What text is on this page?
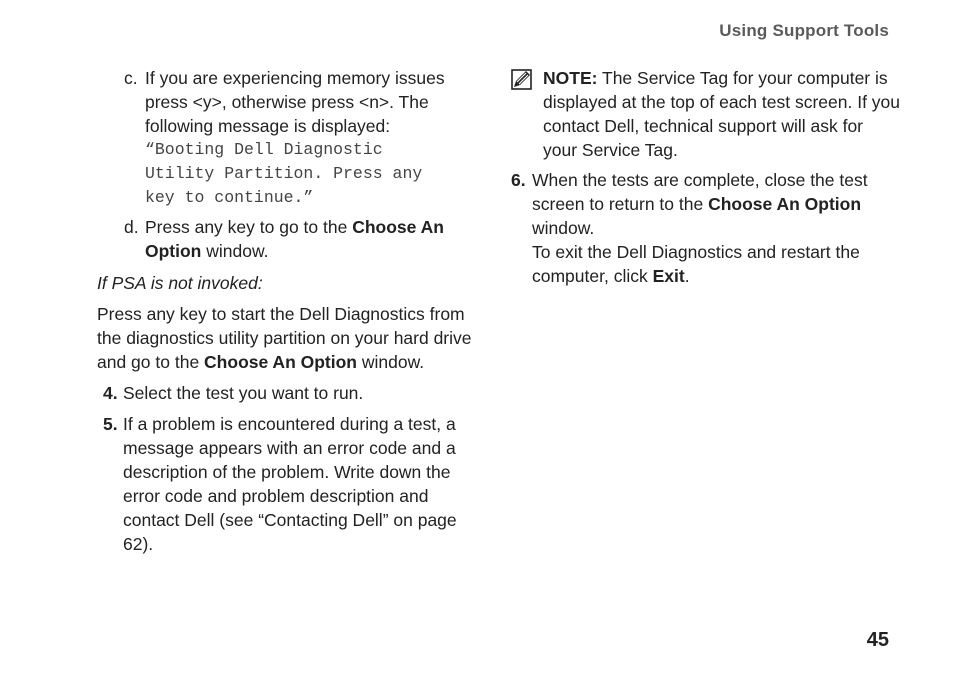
Using Support Tools
c. If you are experiencing memory issues press <y>, otherwise press <n>. The following message is displayed:
“Booting Dell Diagnostic
Utility Partition. Press any
key to continue.”
d. Press any key to go to the Choose An Option window.
If PSA is not invoked:
Press any key to start the Dell Diagnostics from the diagnostics utility partition on your hard drive and go to the Choose An Option window.
4. Select the test you want to run.
5. If a problem is encountered during a test, a message appears with an error code and a description of the problem. Write down the error code and problem description and contact Dell (see “Contacting Dell” on page 62).
NOTE: The Service Tag for your computer is displayed at the top of each test screen. If you contact Dell, technical support will ask for your Service Tag.
6. When the tests are complete, close the test screen to return to the Choose An Option window.
To exit the Dell Diagnostics and restart the computer, click Exit.
45
